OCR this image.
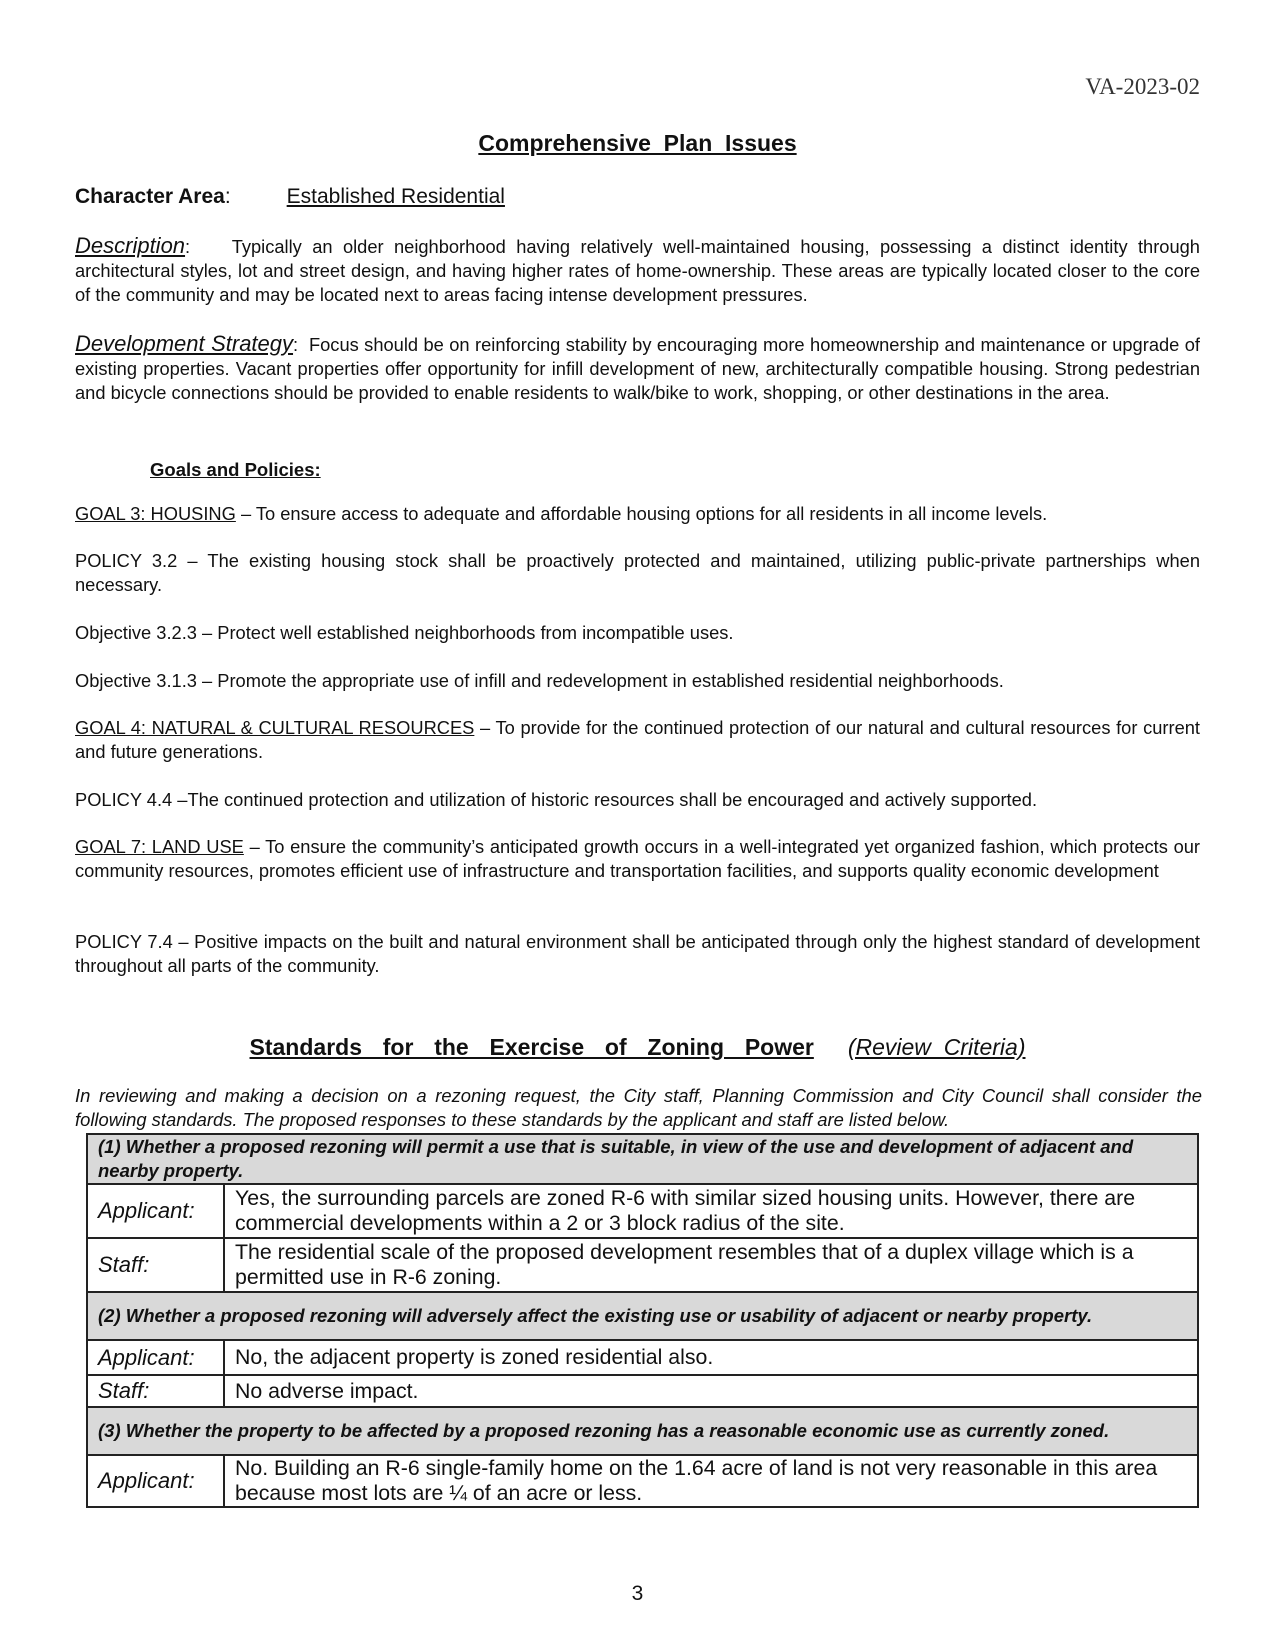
VA-2023-02
Comprehensive  Plan  Issues
Character Area:	Established Residential
Description:    Typically an older neighborhood having relatively well-maintained housing, possessing a distinct identity through architectural styles, lot and street design, and having higher rates of home-ownership. These areas are typically located closer to the core of the community and may be located next to areas facing intense development pressures.
Development Strategy:  Focus should be on reinforcing stability by encouraging more homeownership and maintenance or upgrade of existing properties. Vacant properties offer opportunity for infill development of new, architecturally compatible housing. Strong pedestrian and bicycle connections should be provided to enable residents to walk/bike to work, shopping, or other destinations in the area.
Goals and Policies:
GOAL 3: HOUSING – To ensure access to adequate and affordable housing options for all residents in all income levels.
POLICY 3.2 – The existing housing stock shall be proactively protected and maintained, utilizing public-private partnerships when necessary.
Objective 3.2.3 – Protect well established neighborhoods from incompatible uses.
Objective 3.1.3 – Promote the appropriate use of infill and redevelopment in established residential neighborhoods.
GOAL 4: NATURAL & CULTURAL RESOURCES – To provide for the continued protection of our natural and cultural resources for current and future generations.
POLICY 4.4 –The continued protection and utilization of historic resources shall be encouraged and actively supported.
GOAL 7: LAND USE – To ensure the community’s anticipated growth occurs in a well-integrated yet organized fashion, which protects our community resources, promotes efficient use of infrastructure and transportation facilities, and supports quality economic development
POLICY 7.4 – Positive impacts on the built and natural environment shall be anticipated through only the highest standard of development throughout all parts of the community.
Standards  for  the  Exercise  of  Zoning  Power (Review  Criteria)
In reviewing and making a decision on a rezoning request, the City staff, Planning Commission and City Council shall consider the following standards. The proposed responses to these standards by the applicant and staff are listed below.
(1) Whether a proposed rezoning will permit a use that is suitable, in view of the use and development of adjacent and nearby property.	
Applicant:	Yes, the surrounding parcels are zoned R-6 with similar sized housing units. However, there are commercial developments within a 2 or 3 block radius of the site.
Staff:	The residential scale of the proposed development resembles that of a duplex village which is a permitted use in R-6 zoning.
(2) Whether a proposed rezoning will adversely affect the existing use or usability of adjacent or nearby property.	
Applicant:	No, the adjacent property is zoned residential also.
Staff:	No adverse impact.
(3) Whether the property to be affected by a proposed rezoning has a reasonable economic use as currently zoned.	
Applicant:	No. Building an R-6 single-family home on the 1.64 acre of land is not very reasonable in this area because most lots are ¼ of an acre or less.
3
